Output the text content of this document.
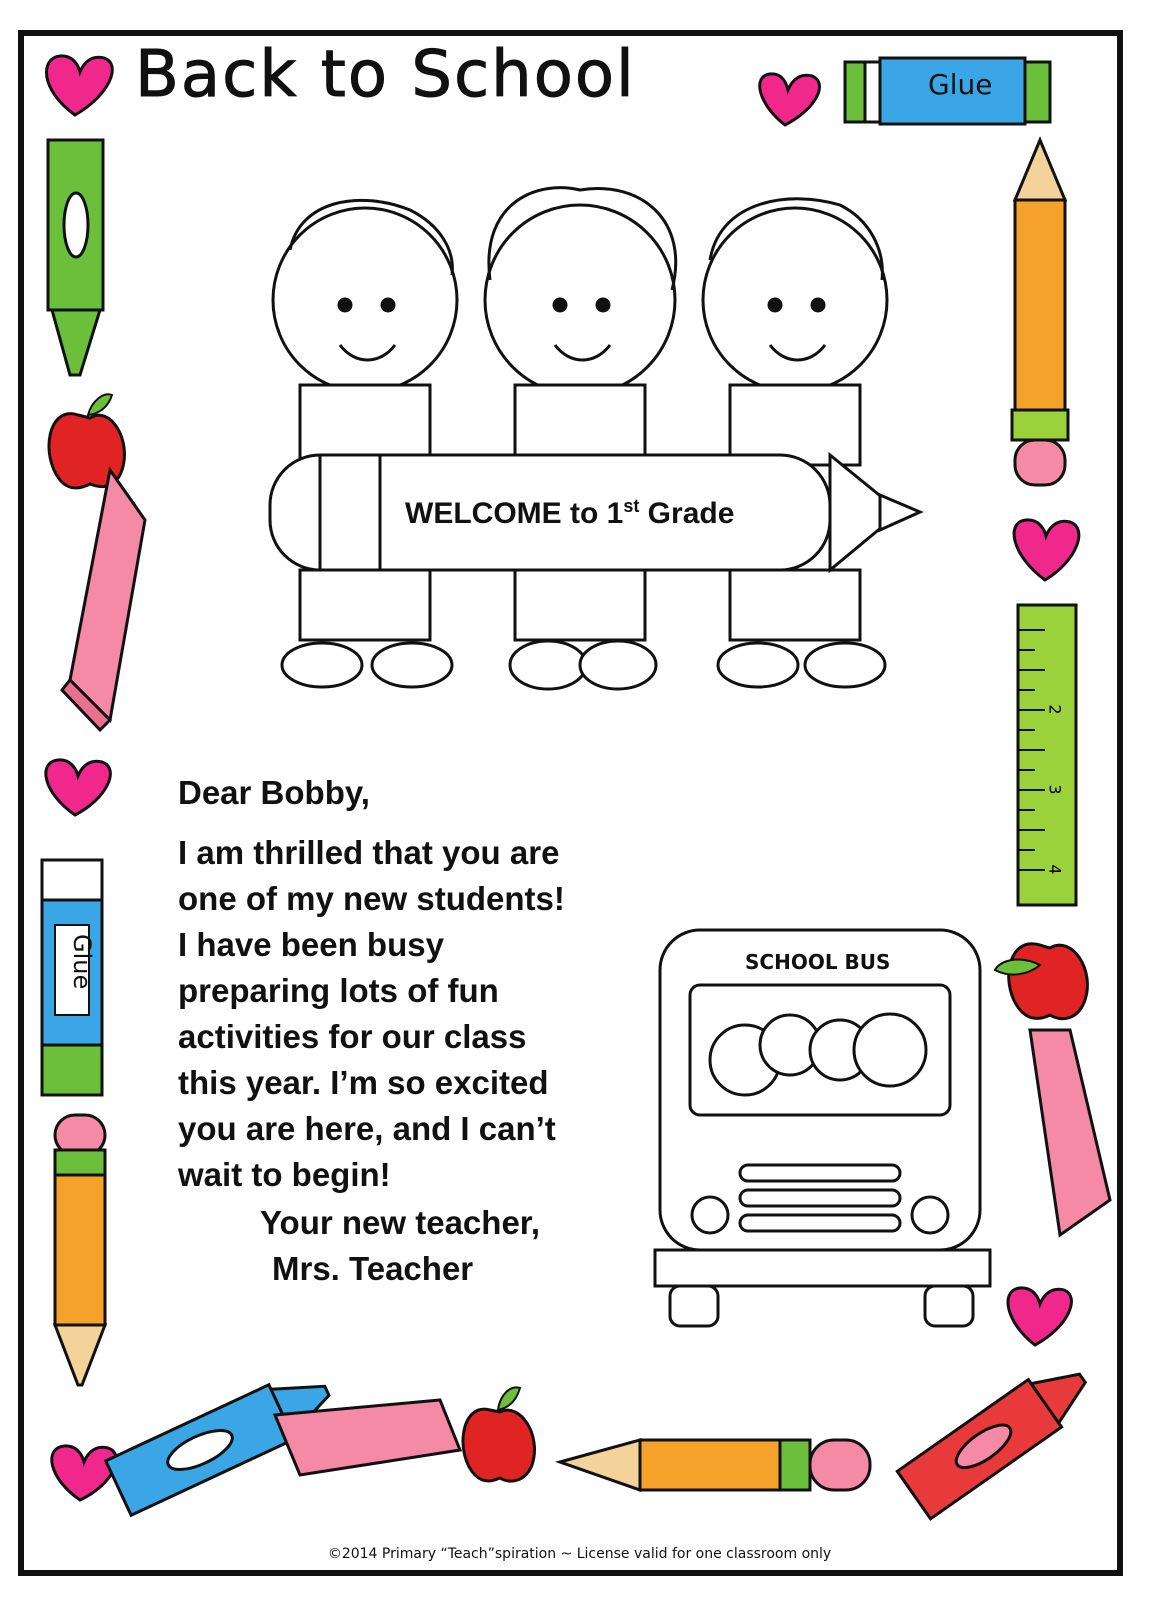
Back to School	Glue
Glue
2
3
4
WELCOME to 1st Grade
SCHOOL BUS
Dear Bobby,
I am thrilled that you are
one of my new students!
I have been busy
preparing lots of fun
activities for our class
this year. I’m so excited
you are here, and I can’t
wait to begin!
Your new teacher,
Mrs. Teacher
©2014 Primary “Teach”spiration ~ License valid for one classroom only
